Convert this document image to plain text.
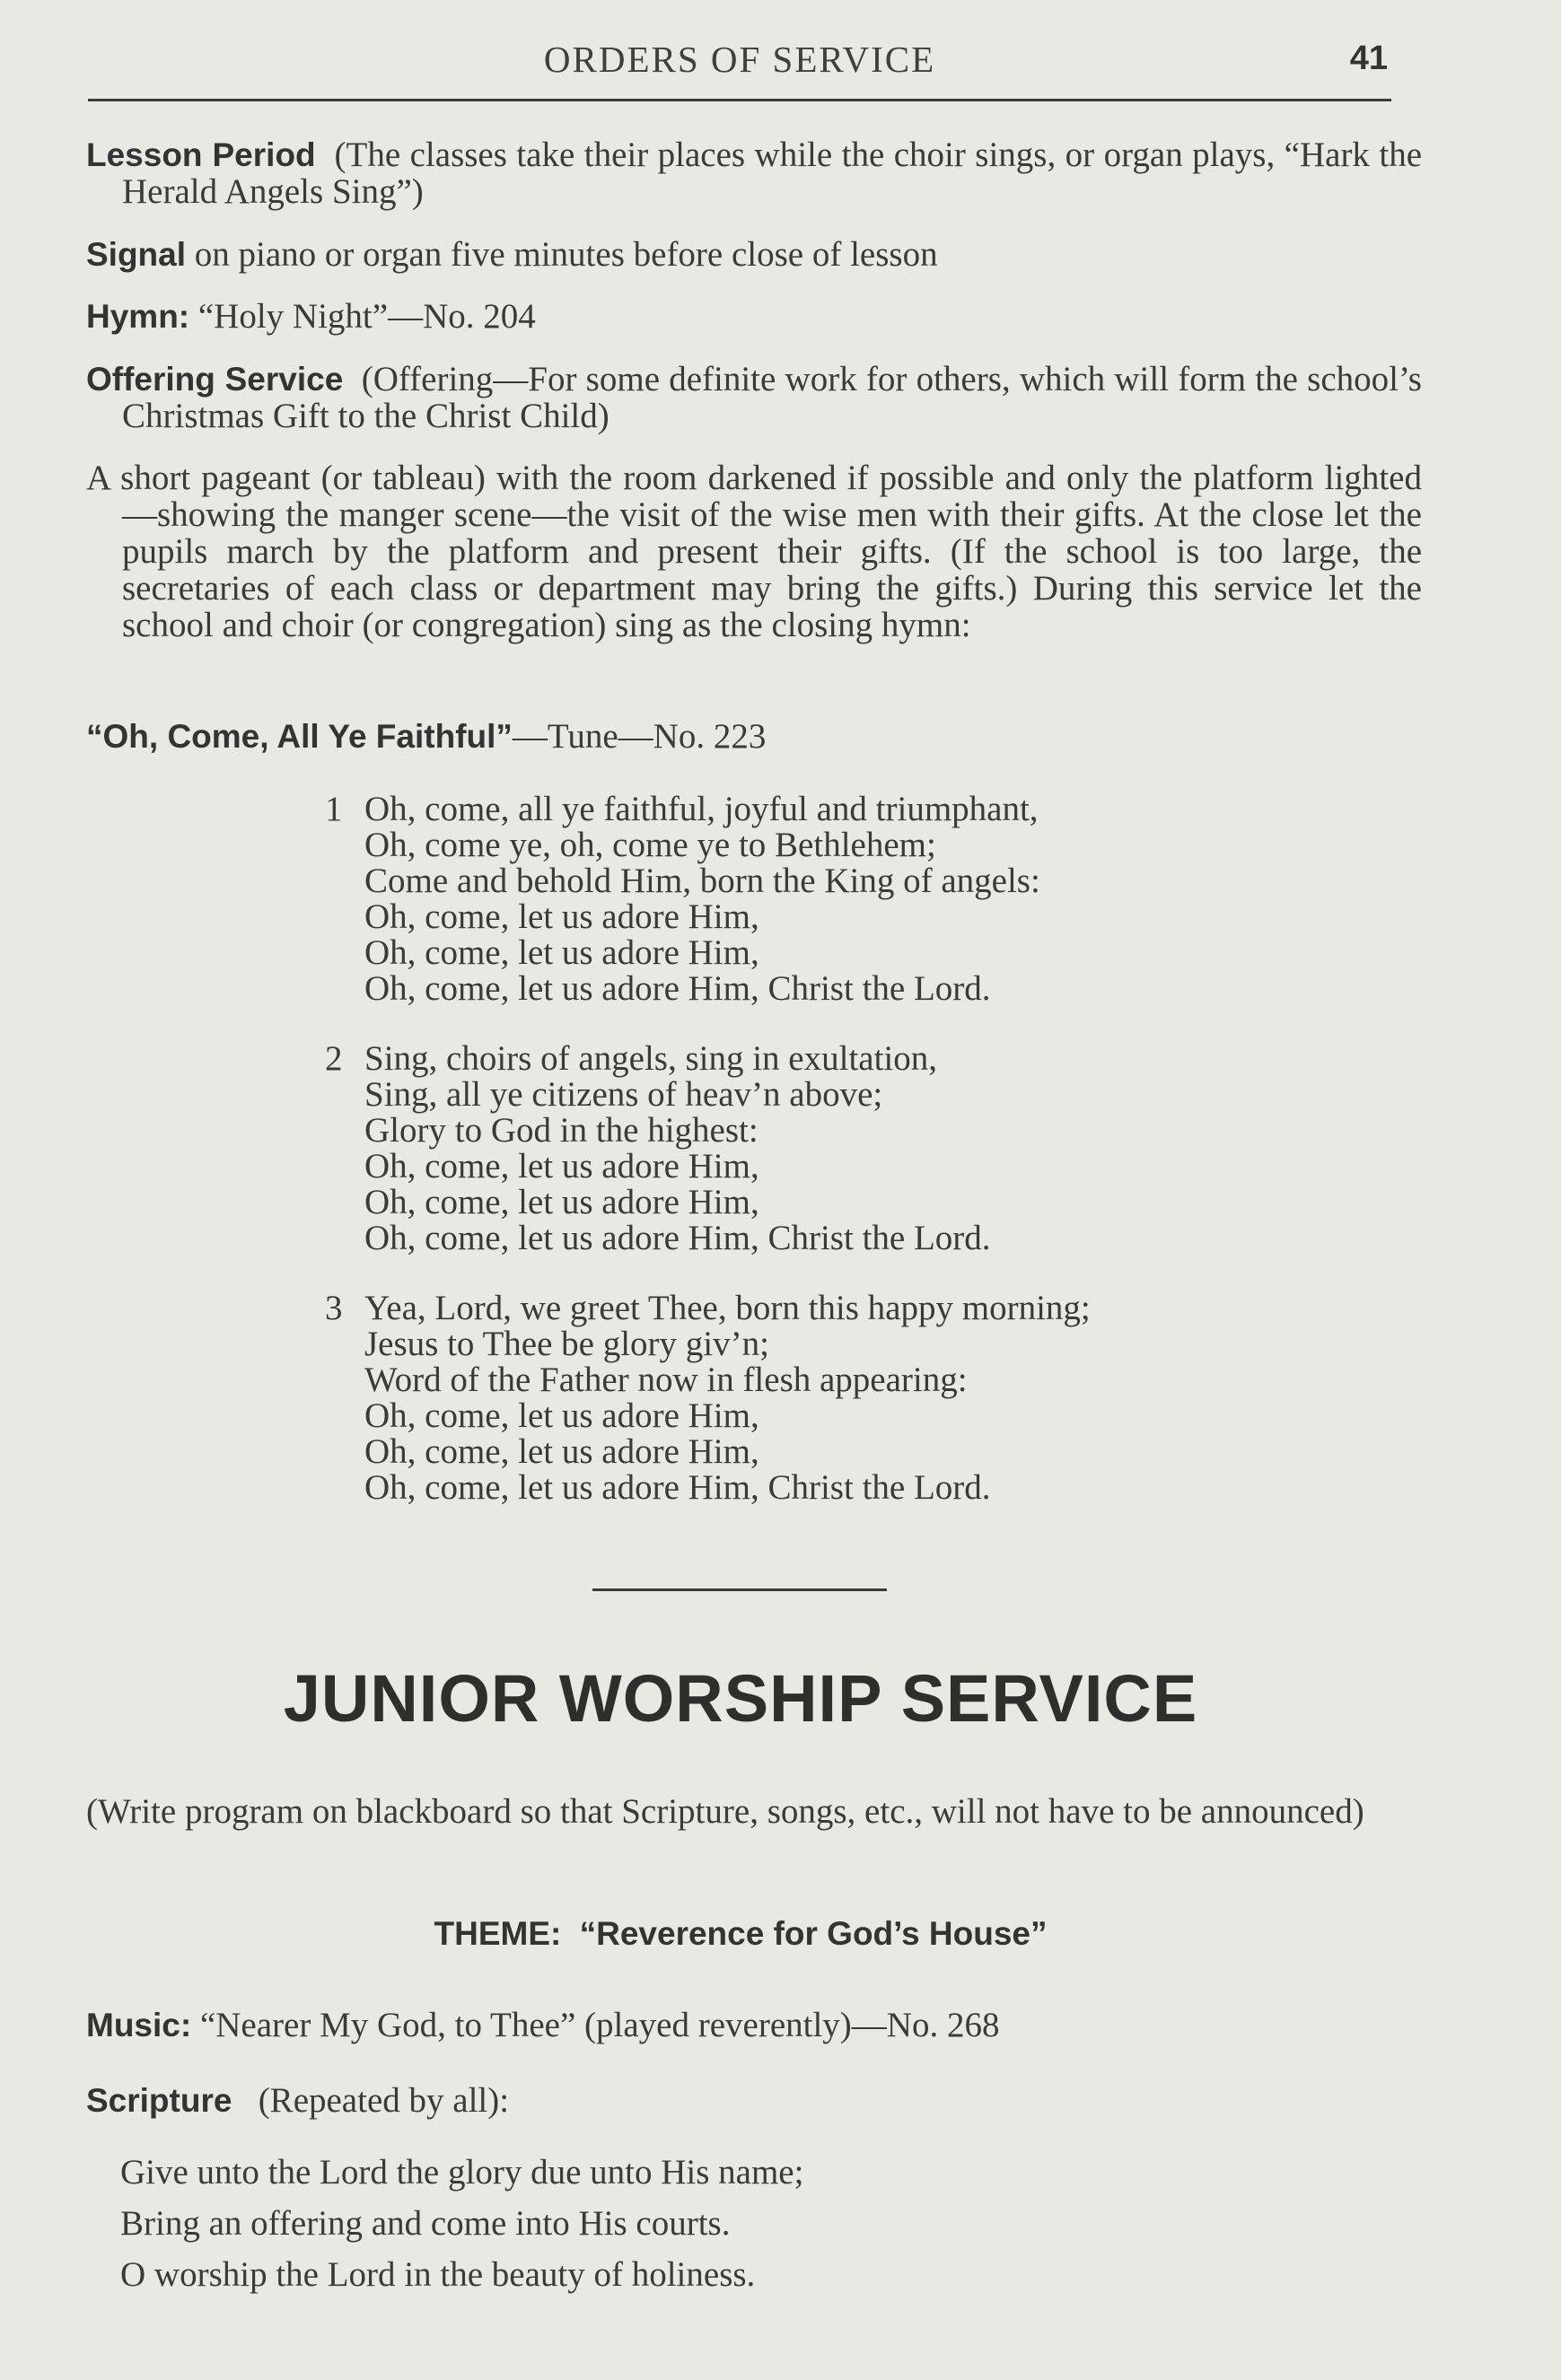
ORDERS OF SERVICE	41
Lesson Period (The classes take their places while the choir sings, or organ plays, “Hark the Herald Angels Sing”)
Signal on piano or organ five minutes before close of lesson
Hymn: “Holy Night”—No. 204
Offering Service (Offering—For some definite work for others, which will form the school’s Christmas Gift to the Christ Child)
A short pageant (or tableau) with the room darkened if possible and only the platform lighted—showing the manger scene—the visit of the wise men with their gifts. At the close let the pupils march by the platform and present their gifts. (If the school is too large, the secretaries of each class or department may bring the gifts.) During this service let the school and choir (or congregation) sing as the closing hymn:
“Oh, Come, All Ye Faithful”—Tune—No. 223
1 Oh, come, all ye faithful, joyful and triumphant,
Oh, come ye, oh, come ye to Bethlehem;
Come and behold Him, born the King of angels:
Oh, come, let us adore Him,
Oh, come, let us adore Him,
Oh, come, let us adore Him, Christ the Lord.
2 Sing, choirs of angels, sing in exultation,
Sing, all ye citizens of heav’n above;
Glory to God in the highest:
Oh, come, let us adore Him,
Oh, come, let us adore Him,
Oh, come, let us adore Him, Christ the Lord.
3 Yea, Lord, we greet Thee, born this happy morning;
Jesus to Thee be glory giv’n;
Word of the Father now in flesh appearing:
Oh, come, let us adore Him,
Oh, come, let us adore Him,
Oh, come, let us adore Him, Christ the Lord.
JUNIOR WORSHIP SERVICE
(Write program on blackboard so that Scripture, songs, etc., will not have to be announced)
THEME: “Reverence for God’s House”
Music: “Nearer My God, to Thee” (played reverently)—No. 268
Scripture (Repeated by all):
Give unto the Lord the glory due unto His name;
Bring an offering and come into His courts.
O worship the Lord in the beauty of holiness.
